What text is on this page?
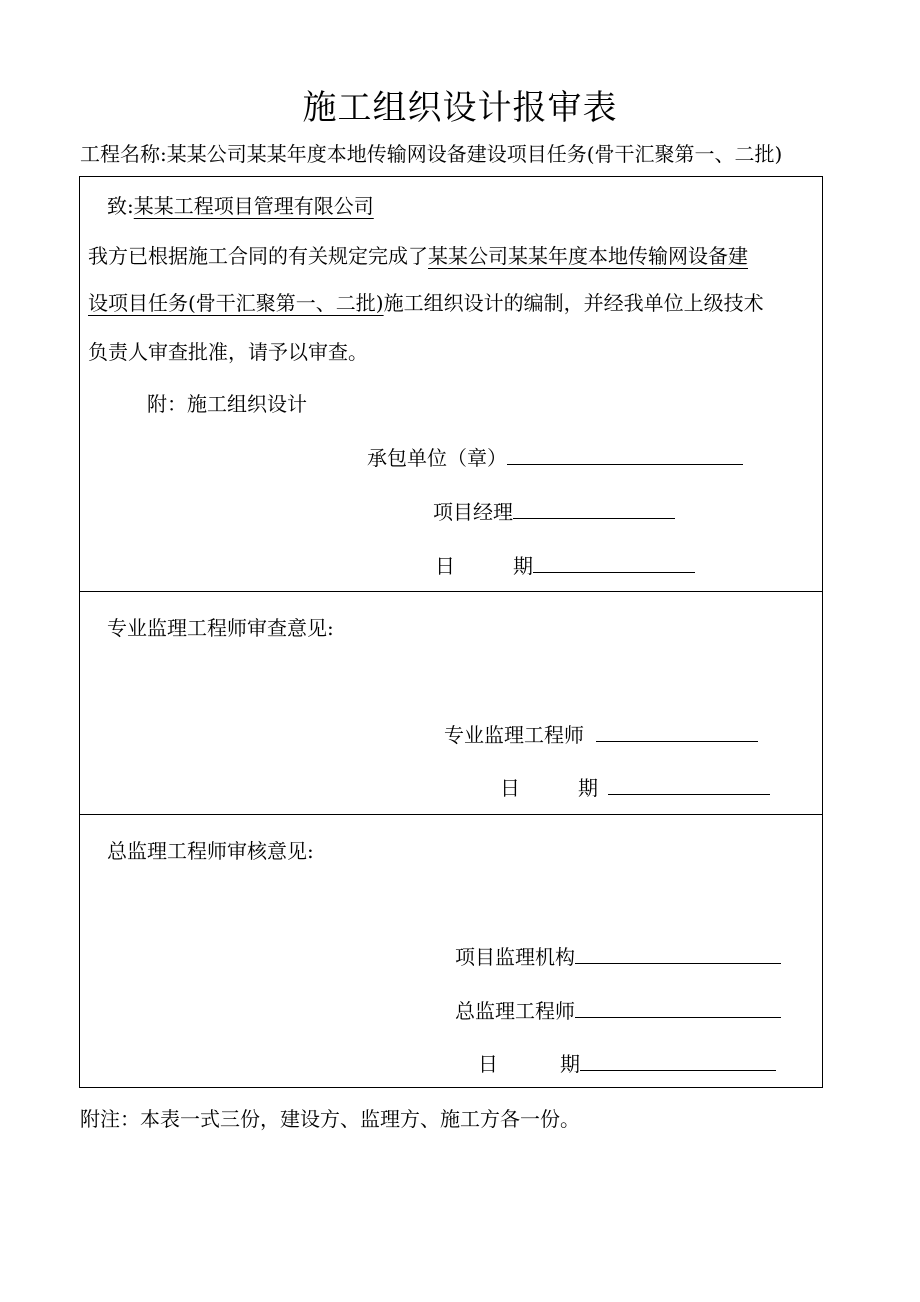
施工组织设计报审表
工程名称:某某公司某某年度本地传输网设备建设项目任务(骨干汇聚第一、二批)
致:某某工程项目管理有限公司
我方已根据施工合同的有关规定完成了某某公司某某年度本地传输网设备建
设项目任务(骨干汇聚第一、二批)施工组织设计的编制，并经我单位上级技术
负责人审查批准，请予以审查。
附：施工组织设计
承包单位（章）
项目经理
日	期
专业监理工程师审查意见:
专业监理工程师
日	期
总监理工程师审核意见:
项目监理机构
总监理工程师
日	期
附注：本表一式三份，建设方、监理方、施工方各一份。
